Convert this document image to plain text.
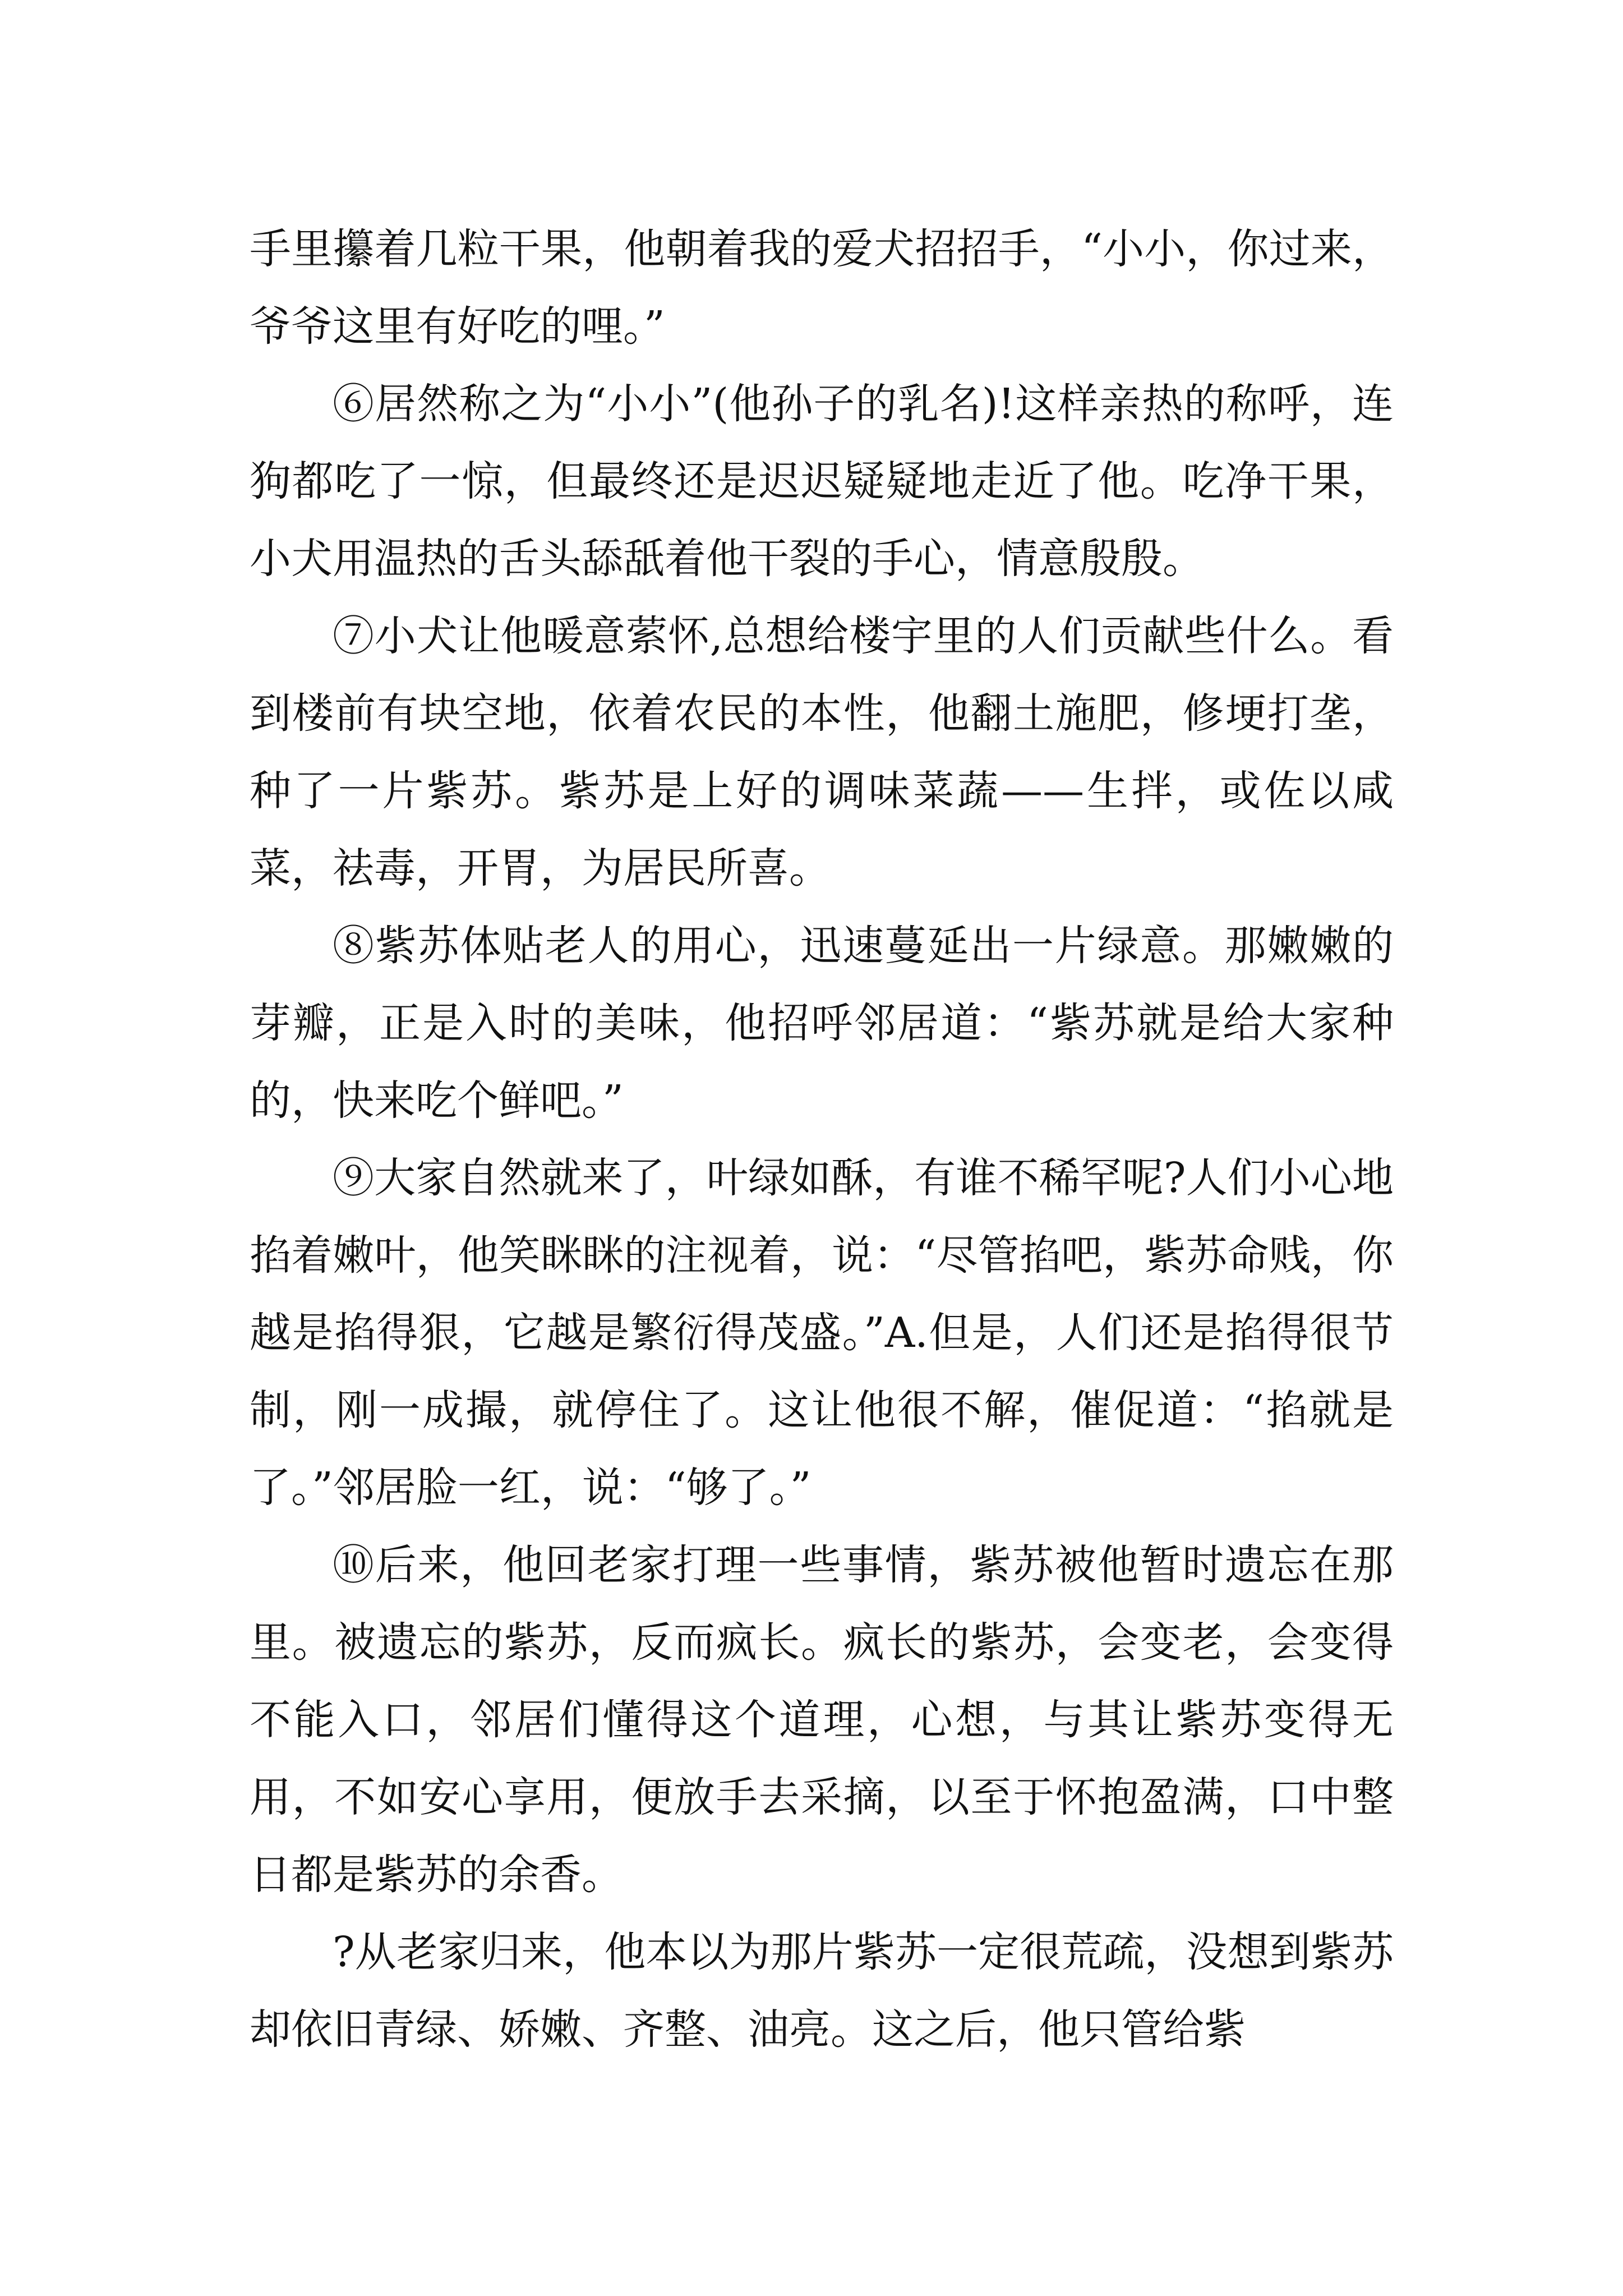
手里攥着几粒干果，他朝着我的爱犬招招手，“小小，你过来，爷爷这里有好吃的哩。”

⑥居然称之为“小小”(他孙子的乳名)!这样亲热的称呼，连狗都吃了一惊，但最终还是迟迟疑疑地走近了他。吃净干果，小犬用温热的舌头舔舐着他干裂的手心，情意殷殷。

⑦小犬让他暖意萦怀,总想给楼宇里的人们贡献些什么。看到楼前有块空地，依着农民的本性，他翻土施肥，修埂打垄，种了一片紫苏。紫苏是上好的调味菜蔬——生拌，或佐以咸菜，祛毒，开胃，为居民所喜。

⑧紫苏体贴老人的用心，迅速蔓延出一片绿意。那嫩嫩的芽瓣，正是入时的美味，他招呼邻居道：“紫苏就是给大家种的，快来吃个鲜吧。”

⑨大家自然就来了，叶绿如酥，有谁不稀罕呢?人们小心地掐着嫩叶，他笑眯眯的注视着，说：“尽管掐吧，紫苏命贱，你越是掐得狠，它越是繁衍得茂盛。”A.但是，人们还是掐得很节制，刚一成撮，就停住了。这让他很不解，催促道：“掐就是了。”邻居脸一红，说：“够了。”

⑩后来，他回老家打理一些事情，紫苏被他暂时遗忘在那里。被遗忘的紫苏，反而疯长。疯长的紫苏，会变老，会变得不能入口，邻居们懂得这个道理，心想，与其让紫苏变得无用，不如安心享用，便放手去采摘，以至于怀抱盈满，口中整日都是紫苏的余香。

?从老家归来，他本以为那片紫苏一定很荒疏，没想到紫苏却依旧青绿、娇嫩、齐整、油亮。这之后，他只管给紫
